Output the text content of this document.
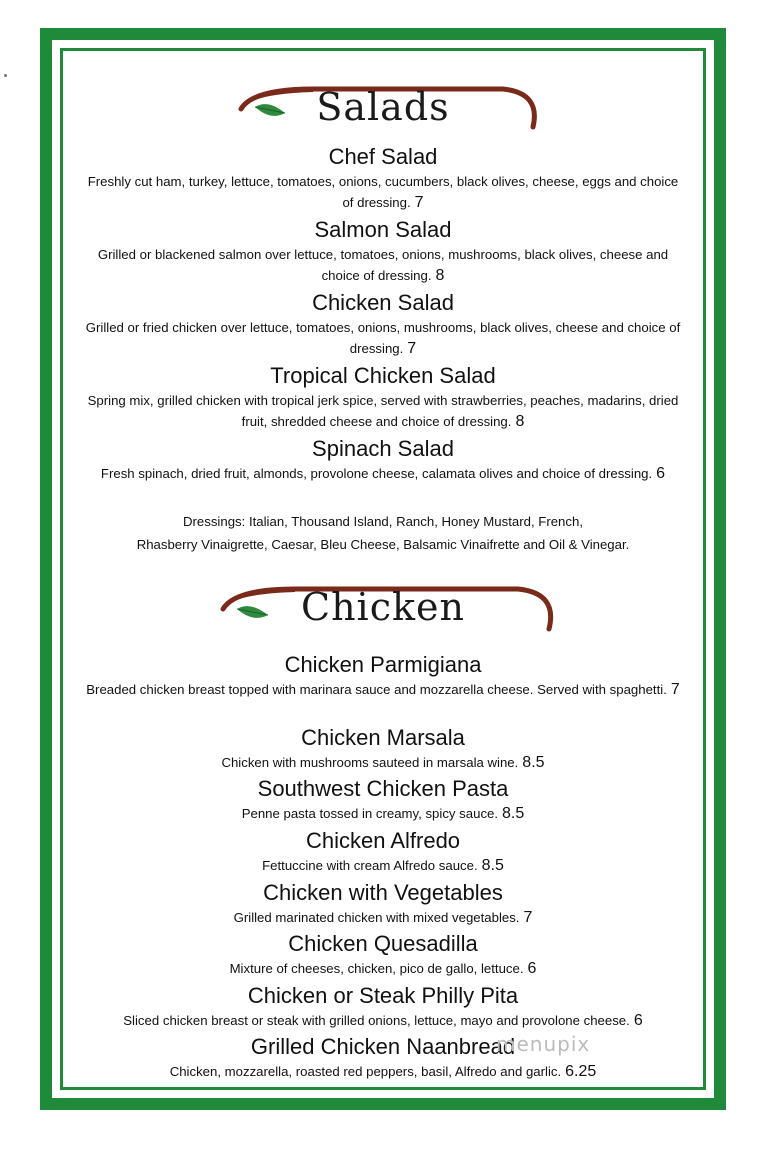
Salads
Chef Salad
Freshly cut ham, turkey, lettuce, tomatoes, onions, cucumbers, black olives, cheese, eggs and choice of dressing. 7
Salmon Salad
Grilled or blackened salmon over lettuce, tomatoes, onions, mushrooms, black olives, cheese and choice of dressing. 8
Chicken Salad
Grilled or fried chicken over lettuce, tomatoes, onions, mushrooms, black olives, cheese and choice of dressing. 7
Tropical Chicken Salad
Spring mix, grilled chicken with tropical jerk spice, served with strawberries, peaches, madarins, dried fruit, shredded cheese and choice of dressing. 8
Spinach Salad
Fresh spinach, dried fruit, almonds, provolone cheese, calamata olives and choice of dressing. 6
Dressings: Italian, Thousand Island, Ranch, Honey Mustard, French,
Rhasberry Vinaigrette, Caesar, Bleu Cheese, Balsamic Vinaifrette and Oil & Vinegar.
Chicken
Chicken Parmigiana
Breaded chicken breast topped with marinara sauce and mozzarella cheese. Served with spaghetti. 7
Chicken Marsala
Chicken with mushrooms sauteed in marsala wine. 8.5
Southwest Chicken Pasta
Penne pasta tossed in creamy, spicy sauce. 8.5
Chicken Alfredo
Fettuccine with cream Alfredo sauce. 8.5
Chicken with Vegetables
Grilled marinated chicken with mixed vegetables. 7
Chicken Quesadilla
Mixture of cheeses, chicken, pico de gallo, lettuce. 6
Chicken or Steak Philly Pita
Sliced chicken breast or steak with grilled onions, lettuce, mayo and provolone cheese. 6
Grilled Chicken Naanbread
Chicken, mozzarella, roasted red peppers, basil, Alfredo and garlic. 6.25
menupix
